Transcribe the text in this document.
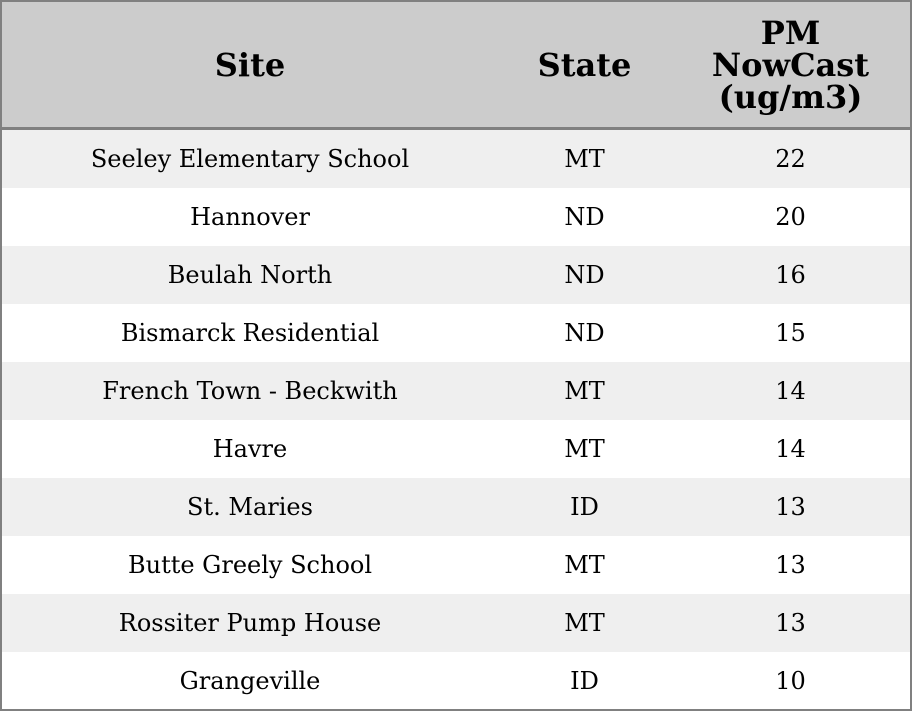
Site	State	PM
NowCast
(ug/m3)
Seeley Elementary School	MT	22
Hannover	ND	20
Beulah North	ND	16
Bismarck Residential	ND	15
French Town - Beckwith	MT	14
Havre	MT	14
St. Maries	ID	13
Butte Greely School	MT	13
Rossiter Pump House	MT	13
Grangeville	ID	10
